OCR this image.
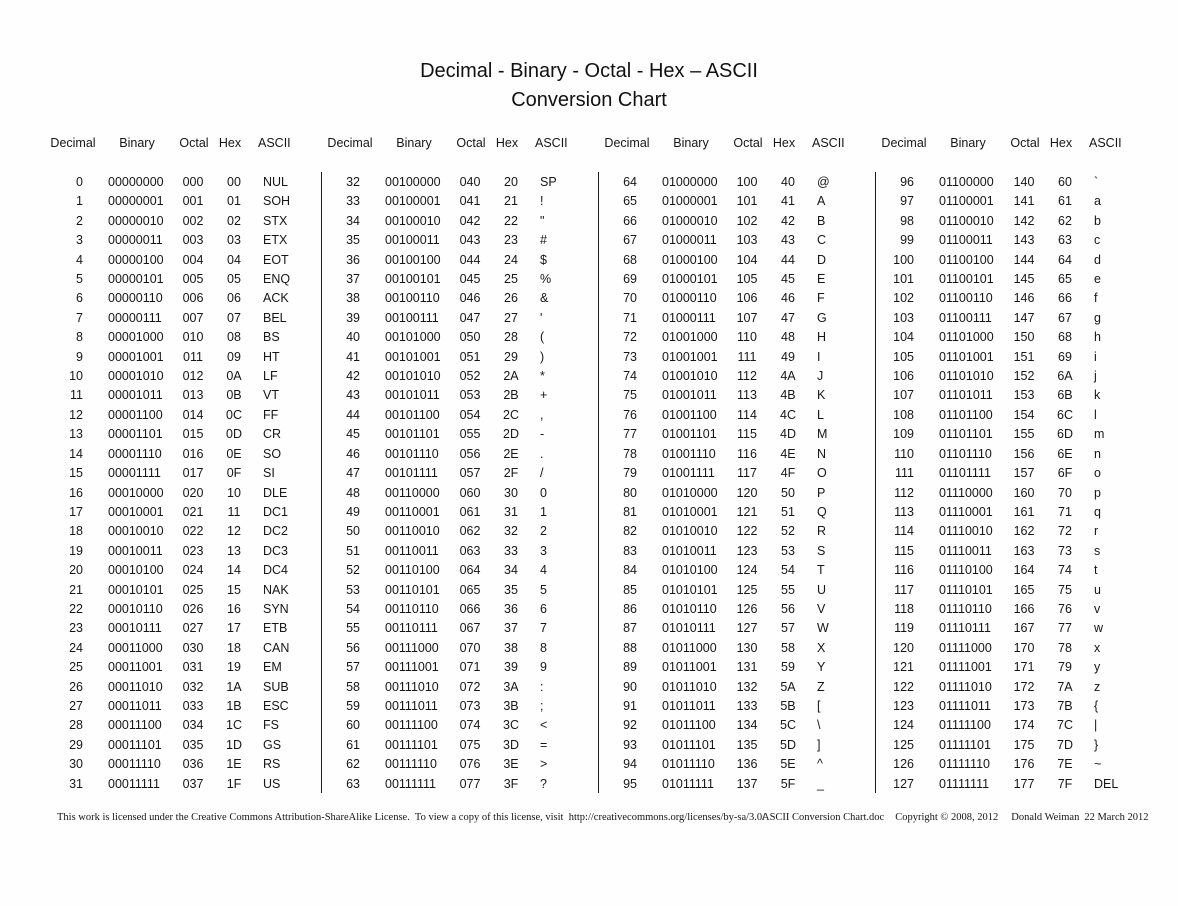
Decimal - Binary - Octal - Hex – ASCII
Conversion Chart
Decimal	Binary	Octal Hex	ASCII
0 00000000 000 00 NUL
1 00000001 001 01 SOH
2 00000010 002 02 STX
3 00000011 003 03 ETX
4 00000100 004 04 EOT
5 00000101 005 05 ENQ
6 00000110 006 06 ACK
7 00000111 007 07 BEL
8 00001000 010 08 BS
9 00001001 011 09 HT
10 00001010 012 0A LF
11 00001011 013 0B VT
12 00001100 014 0C FF
13 00001101 015 0D CR
14 00001110 016 0E SO
15 00001111 017 0F SI
16 00010000 020 10 DLE
17 00010001 021 11 DC1
18 00010010 022 12 DC2
19 00010011 023 13 DC3
20 00010100 024 14 DC4
21 00010101 025 15 NAK
22 00010110 026 16 SYN
23 00010111 027 17 ETB
24 00011000 030 18 CAN
25 00011001 031 19 EM
26 00011010 032 1A SUB
27 00011011 033 1B ESC
28 00011100 034 1C FS
29 00011101 035 1D GS
30 00011110 036 1E RS
31 00011111 037 1F US
Decimal	Binary	Octal Hex	ASCII
32 00100000 040 20 SP
33 00100001 041 21 !
34 00100010 042 22 "
35 00100011 043 23 #
36 00100100 044 24 $
37 00100101 045 25 %
38 00100110 046 26 &
39 00100111 047 27 '
40 00101000 050 28 (
41 00101001 051 29 )
42 00101010 052 2A *
43 00101011 053 2B +
44 00101100 054 2C ,
45 00101101 055 2D -
46 00101110 056 2E .
47 00101111 057 2F /
48 00110000 060 30 0
49 00110001 061 31 1
50 00110010 062 32 2
51 00110011 063 33 3
52 00110100 064 34 4
53 00110101 065 35 5
54 00110110 066 36 6
55 00110111 067 37 7
56 00111000 070 38 8
57 00111001 071 39 9
58 00111010 072 3A :
59 00111011 073 3B ;
60 00111100 074 3C <
61 00111101 075 3D =
62 00111110 076 3E >
63 00111111 077 3F ?
Decimal	Binary	Octal Hex	ASCII
64 01000000 100 40 @
65 01000001 101 41 A
66 01000010 102 42 B
67 01000011 103 43 C
68 01000100 104 44 D
69 01000101 105 45 E
70 01000110 106 46 F
71 01000111 107 47 G
72 01001000 110 48 H
73 01001001 111 49 I
74 01001010 112 4A J
75 01001011 113 4B K
76 01001100 114 4C L
77 01001101 115 4D M
78 01001110 116 4E N
79 01001111 117 4F O
80 01010000 120 50 P
81 01010001 121 51 Q
82 01010010 122 52 R
83 01010011 123 53 S
84 01010100 124 54 T
85 01010101 125 55 U
86 01010110 126 56 V
87 01010111 127 57 W
88 01011000 130 58 X
89 01011001 131 59 Y
90 01011010 132 5A Z
91 01011011 133 5B [
92 01011100 134 5C \
93 01011101 135 5D ]
94 01011110 136 5E ^
95 01011111 137 5F _
Decimal	Binary	Octal Hex	ASCII
96 01100000 140 60 `
97 01100001 141 61 a
98 01100010 142 62 b
99 01100011 143 63 c
100 01100100 144 64 d
101 01100101 145 65 e
102 01100110 146 66 f
103 01100111 147 67 g
104 01101000 150 68 h
105 01101001 151 69 i
106 01101010 152 6A j
107 01101011 153 6B k
108 01101100 154 6C l
109 01101101 155 6D m
110 01101110 156 6E n
111 01101111 157 6F o
112 01110000 160 70 p
113 01110001 161 71 q
114 01110010 162 72 r
115 01110011 163 73 s
116 01110100 164 74 t
117 01110101 165 75 u
118 01110110 166 76 v
119 01110111 167 77 w
120 01111000 170 78 x
121 01111001 171 79 y
122 01111010 172 7A z
123 01111011 173 7B {
124 01111100 174 7C |
125 01111101 175 7D }
126 01111110 176 7E ~
127 01111111 177 7F DEL
This work is licensed under the Creative Commons Attribution-ShareAlike License.  To view a copy of this license, visit  http://creativecommons.org/licenses/by-sa/3.0/
ASCII Conversion Chart.doc Copyright © 2008, 2012 Donald Weiman 22 March 2012
